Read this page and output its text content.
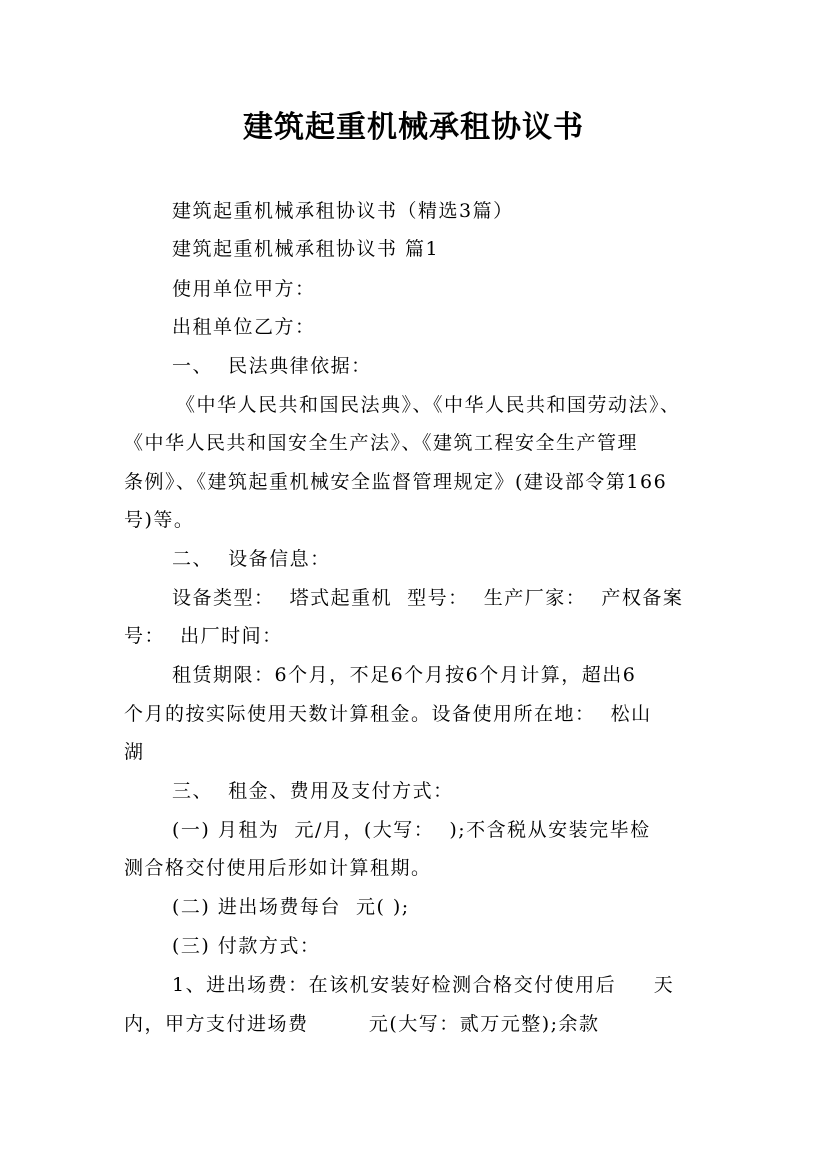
建筑起重机械承租协议书
建筑起重机械承租协议书（精选3篇）
建筑起重机械承租协议书 篇1
使用单位甲方：
出租单位乙方：
一、  民法典律依据：
《中华人民共和国民法典》、《中华人民共和国劳动法》、
《中华人民共和国安全生产法》、《建筑工程安全生产管理
条例》、《建筑起重机械安全监督管理规定》(建设部令第166
号)等。
二、  设备信息：
设备类型：  塔式起重机  型号：  生产厂家：  产权备案
号：  出厂时间：
租赁期限：6个月，不足6个月按6个月计算，超出6
个月的按实际使用天数计算租金。设备使用所在地：  松山
湖
三、  租金、费用及支付方式：
(一) 月租为  元/月，(大写：  );不含税从安装完毕检
测合格交付使用后形如计算租期。
(二) 进出场费每台  元( );
(三) 付款方式：
1、进出场费：在该机安装好检测合格交付使用后     天
内，甲方支付进场费        元(大写：贰万元整);余款
